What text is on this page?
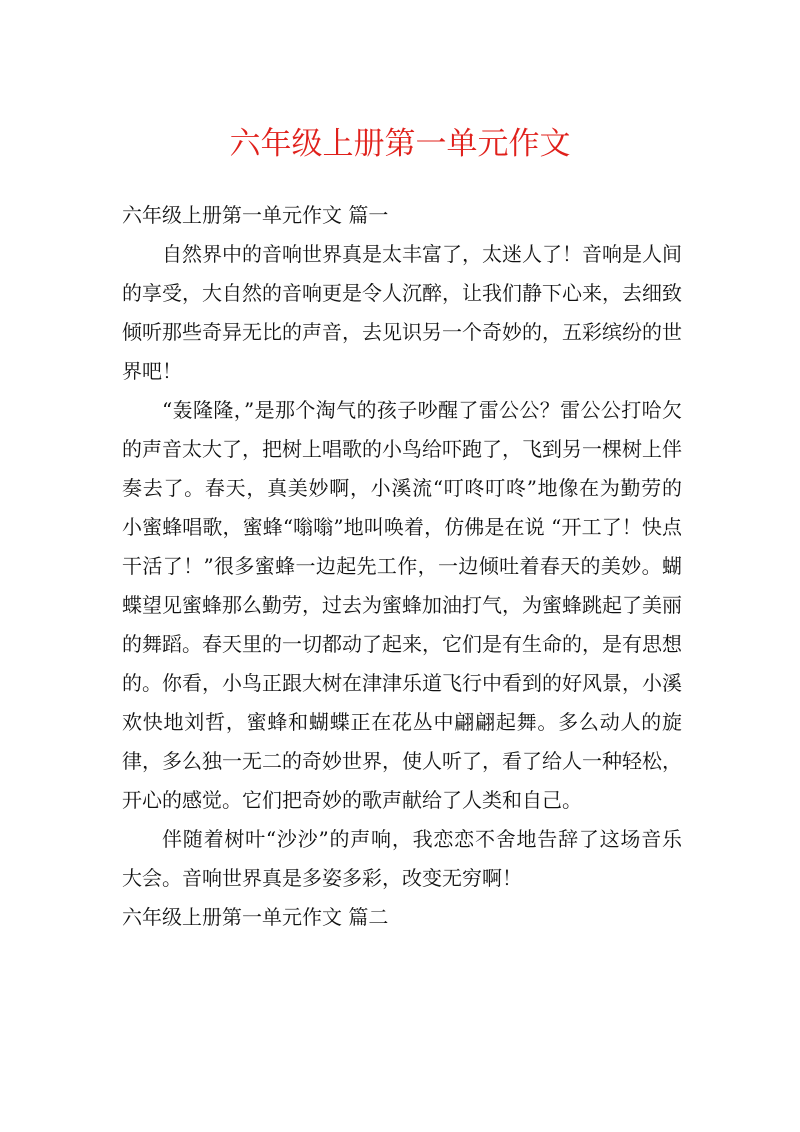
六年级上册第一单元作文
六年级上册第一单元作文 篇一

自然界中的音响世界真是太丰富了，太迷人了！音响是人间的享受，大自然的音响更是令人沉醉，让我们静下心来，去细致倾听那些奇异无比的声音，去见识另一个奇妙的，五彩缤纷的世界吧！

“轰隆隆，”是那个淘气的孩子吵醒了雷公公？雷公公打哈欠的声音太大了，把树上唱歌的小鸟给吓跑了，飞到另一棵树上伴奏去了。春天，真美妙啊，小溪流“叮咚叮咚”地像在为勤劳的小蜜蜂唱歌，蜜蜂“嗡嗡”地叫唤着，仿佛是在说 “开工了！快点干活了！”很多蜜蜂一边起先工作，一边倾吐着春天的美妙。蝴蝶望见蜜蜂那么勤劳，过去为蜜蜂加油打气，为蜜蜂跳起了美丽的舞蹈。春天里的一切都动了起来，它们是有生命的，是有思想的。你看，小鸟正跟大树在津津乐道飞行中看到的好风景，小溪欢快地刘哲，蜜蜂和蝴蝶正在花丛中翩翩起舞。多么动人的旋律，多么独一无二的奇妙世界，使人听了，看了给人一种轻松，开心的感觉。它们把奇妙的歌声献给了人类和自己。

伴随着树叶“沙沙”的声响，我恋恋不舍地告辞了这场音乐大会。音响世界真是多姿多彩，改变无穷啊！

六年级上册第一单元作文 篇二
